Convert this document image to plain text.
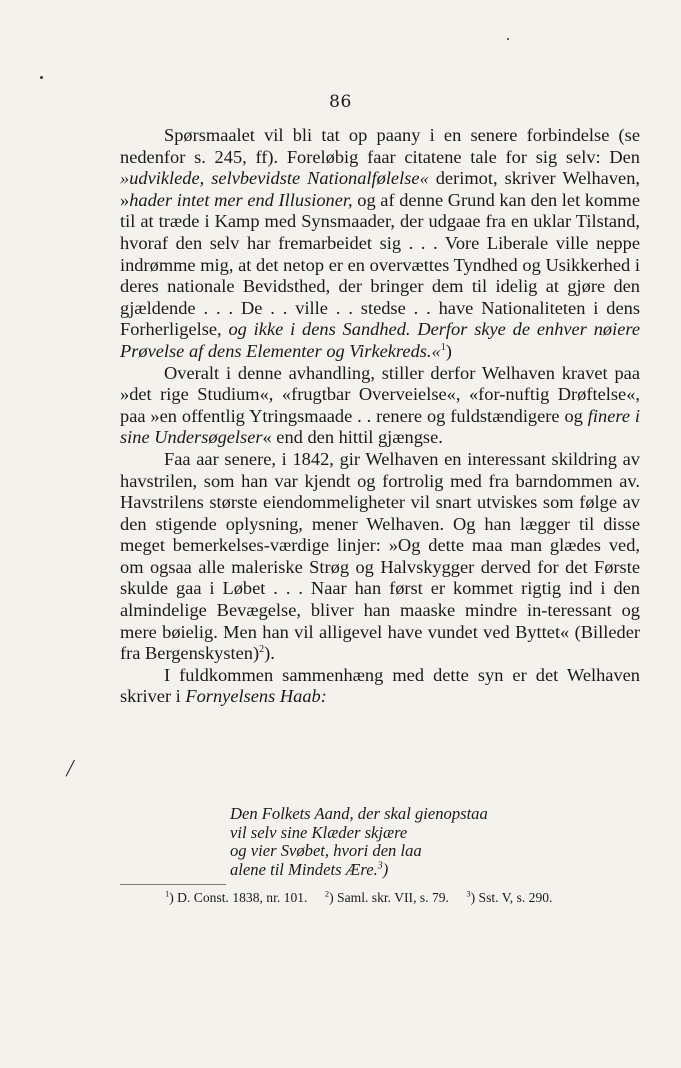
86

Spørsmaalet vil bli tat op paany i en senere forbindelse (se nedenfor s. 245, ff). Foreløbig faar citatene tale for sig selv: Den »udviklede, selvbevidste Nationalfølelse« derimot, skriver Welhaven, »hader intet mer end Illusioner, og af denne Grund kan den let komme til at træde i Kamp med Synsmaader, der udgaae fra en uklar Tilstand, hvoraf den selv har fremarbeidet sig . . . Vore Liberale ville neppe indrømme mig, at det netop er en overvættes Tyndhed og Usikkerhed i deres nationale Bevidsthed, der bringer dem til idelig at gjøre den gjældende . . . De . . ville . . stedse . . have Nationaliteten i dens Forherligelse, og ikke i dens Sandhed. Derfor skye de enhver nøiere Prøvelse af dens Elementer og Virkekreds.«$^1$)

Overalt i denne avhandling, stiller derfor Welhaven kravet paa »det rige Studium«, «frugtbar Overveielse«, «for-nuftig Drøftelse«, paa »en offentlig Ytringsmaade . . renere og fuldstændigere og finere i sine Undersøgelser« end den hittil gjængse.

Faa aar senere, i 1842, gir Welhaven en interessant skildring av havstrilen, som han var kjendt og fortrolig med fra barndommen av. Havstrilens største eiendommeligheter vil snart utviskes som følge av den stigende oplysning, mener Welhaven. Og han lægger til disse meget bemerkelses-værdige linjer: »Og dette maa man glædes ved, om ogsaa alle maleriske Strøg og Halvskygger derved for det Første skulde gaa i Løbet . . . Naar han først er kommet rigtig ind i den almindelige Bevægelse, bliver han maaske mindre in-teressant og mere bøielig. Men han vil alligevel have vundet ved Byttet« (Billeder fra Bergenskysten)$^2$).

I fuldkommen sammenhæng med dette syn er det Welhaven skriver i Fornyelsens Haab:

Den Folkets Aand, der skal gienopstaa
vil selv sine Klæder skjære
og vier Svøbet, hvori den laa
alene til Mindets Ære.$^3$)
$^1$) D. Const. 1838, nr. 101. $^2$) Saml. skr. VII, s. 79. $^3$) Sst. V, s. 290.
╱
